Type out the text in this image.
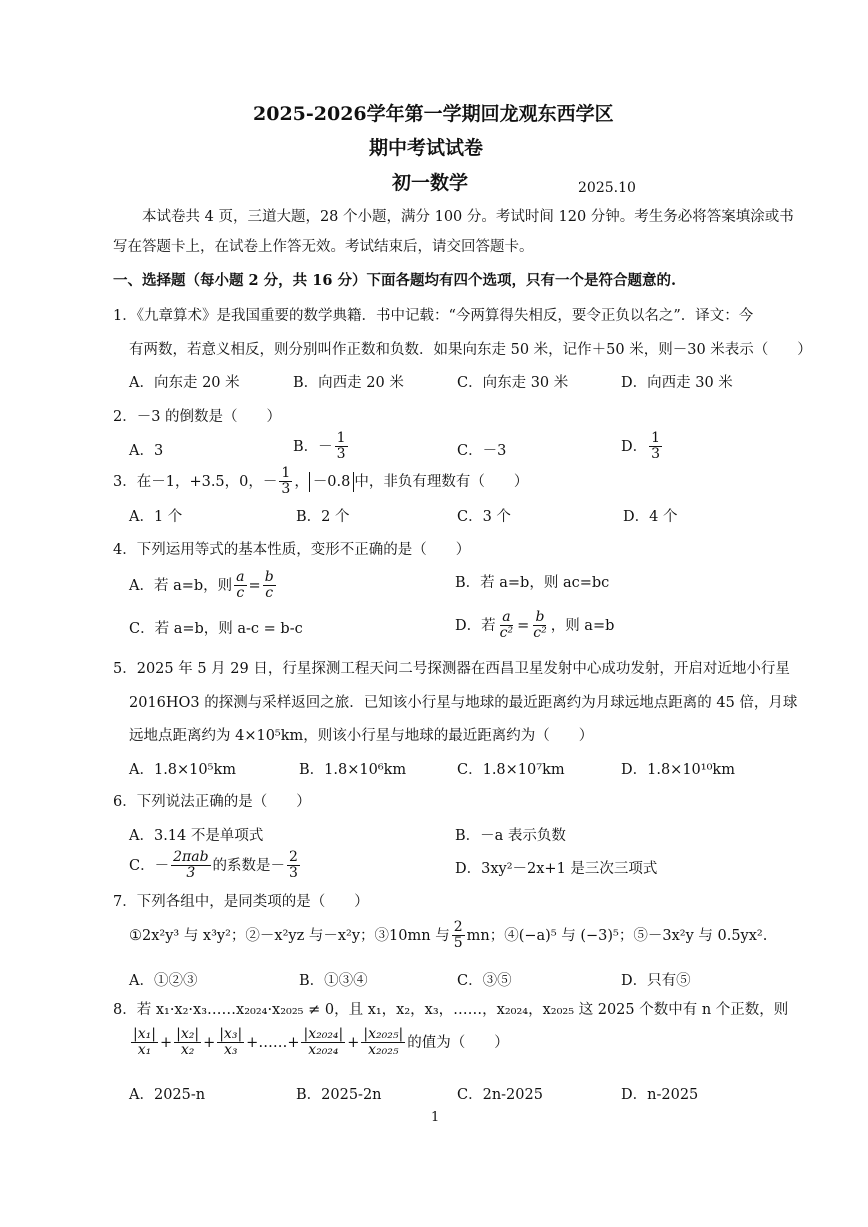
2025-2026学年第一学期回龙观东西学区
期中考试试卷
初一数学	2025.10
本试卷共 4 页，三道大题，28 个小题，满分 100 分。考试时间 120 分钟。考生务必将答案填涂或书
写在答题卡上，在试卷上作答无效。考试结束后，请交回答题卡。
一、选择题（每小题 2 分，共 16 分）下面各题均有四个选项，只有一个是符合题意的.
1．《九章算术》是我国重要的数学典籍．书中记载：“今两算得失相反，要令正负以名之”．译文：今
有两数，若意义相反，则分别叫作正数和负数．如果向东走 50 米，记作＋50 米，则－30 米表示（　　）
A．向东走 20 米	B．向西走 20 米	C．向东走 30 米	D．向西走 30 米
2．－3 的倒数是（　　）
A．3	B．－ $\frac{1}{3}$	C．－3	D． $\frac{1}{3}$
3．在－1，+3.5，0，－ $\frac{1}{3}$ ， －0.8 中，非负有理数有（　　）
A．1 个	B．2 个	C．3 个	D．4 个
4．下列运用等式的基本性质，变形不正确的是（　　）
A．若 a=b，则 $\frac{a}{c} = \frac{b}{c}$	B．若 a=b，则 ac=bc
C．若 a=b，则 a-c = b-c	D．若 $\frac{a}{\text{c²}} = \frac{b}{\text{c²}}$ ，则 a=b
5．2025 年 5 月 29 日，行星探测工程天问二号探测器在西昌卫星发射中心成功发射，开启对近地小行星
2016HO3 的探测与采样返回之旅．已知该小行星与地球的最近距离约为月球远地点距离的 45 倍，月球
远地点距离约为 4×10⁵km，则该小行星与地球的最近距离约为（　　）
A．1.8×10⁵km	B．1.8×10⁶km	C．1.8×10⁷km	D．1.8×10¹⁰km
6．下列说法正确的是（　　）
A．3.14 不是单项式	B．－a 表示负数
C．－ $\frac{\text{2πab}}{3}$ 的系数是－ $\frac{2}{3}$	D．3xy²－2x+1 是三次三项式
7．下列各组中，是同类项的是（　　）
①2x²y³ 与 x³y²；②－x²yz 与－x²y；③10mn 与 $\frac{2}{5}$ mn；④(−a)⁵ 与 (−3)⁵；⑤－3x²y 与 0.5yx².
A．①②③	B．①③④	C．③⑤	D．只有⑤
8．若 x₁·x₂·x₃……x₂₀₂₄·x₂₀₂₅ ≠ 0，且 x₁，x₂，x₃，……，x₂₀₂₄，x₂₀₂₅ 这 2025 个数中有 n 个正数，则
$\frac{\text{|x₁|}}{\text{x₁}} + \frac{\text{|x₂|}}{\text{x₂}} + \frac{\text{|x₃|}}{\text{x₃}}$ +……+ $\frac{\text{|x₂₀₂₄|}}{\text{x₂₀₂₄}} + \frac{\text{|x₂₀₂₅|}}{\text{x₂₀₂₅}}$ 的值为（　　）
A．2025-n	B．2025-2n	C．2n-2025	D．n-2025
1
